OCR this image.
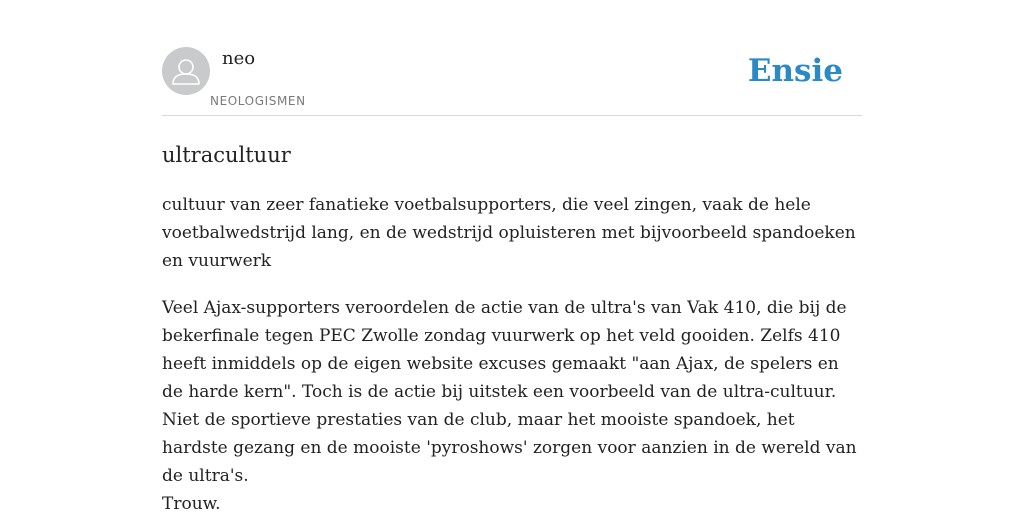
neo

NEOLOGISMEN
Ensie
ultracultuur

cultuur van zeer fanatieke voetbalsupporters, die veel zingen, vaak de hele voetbalwedstrijd lang, en de wedstrijd opluisteren met bijvoorbeeld spandoeken en vuurwerk

Veel Ajax-supporters veroordelen de actie van de ultra's van Vak 410, die bij de bekerfinale tegen PEC Zwolle zondag vuurwerk op het veld gooiden. Zelfs 410 heeft inmiddels op de eigen website excuses gemaakt "aan Ajax, de spelers en de harde kern". Toch is de actie bij uitstek een voorbeeld van de ultra-cultuur. Niet de sportieve prestaties van de club, maar het mooiste spandoek, het hardste gezang en de mooiste 'pyroshows' zorgen voor aanzien in de wereld van de ultra's.
Trouw.
